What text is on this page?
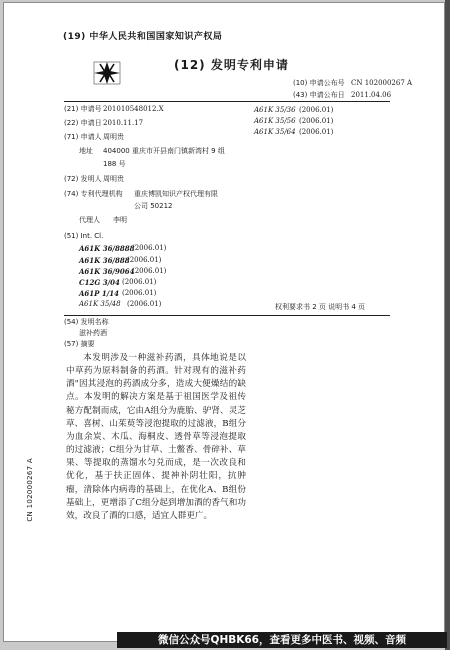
(19) 中华人民共和国国家知识产权局
(12) 发明专利申请
(10) 申请公布号 CN 102000267 A
(43) 申请公布日 2011.04.06
(21) 申请号 201010548012.X
(22) 申请日 2010.11.17
(71) 申请人 周明贵
地址 404000 重庆市开县南门镇新湾村 9 组
188 号
(72) 发明人 周明贵
(74) 专利代理机构 重庆博凯知识产权代理有限
公司 50212
代理人 李明
(51) Int. Cl.
A61K 36/8888
(2006.01)
A61K 36/888
(2006.01)
A61K 36/9064
(2006.01)
C12G 3/04 (2006.01)
A61P 1/14 (2006.01)
A61K 35/48 (2006.01)
A61K 35/36 (2006.01)
A61K 35/56 (2006.01)
A61K 35/64 (2006.01)
权利要求书 2 页 说明书 4 页
(54) 发明名称
滋补药酒
(57) 摘要

本发明涉及一种滋补药酒，具体地说是以中草药为原料制备的药酒。针对现有的滋补药酒"因其浸泡的药酒成分多，造成大便燥结的缺点。本发明的解决方案是基于祖国医学及祖传秘方配制而成，它由A组分为鹿胎、驴肾、灵芝草、喜树、山茱萸等浸泡提取的过滤液，B组分为血余炭、木瓜、海桐皮、透骨草等浸泡提取的过滤液；C组分为甘草、土鳖香、骨碎补、草果、等提取的蒸馏水匀兑而成，是一次改良和优化，基于扶正固体、提神补阴壮阳，抗肿瘤，清除体内病毒的基础上，在优化A、B组份基础上，更增添了C组分起到增加酒的香气和功效，改良了酒的口感，适宜人群更广。

CN 102000267 A
微信公众号QHBK66，查看更多中医书、视频、音频
